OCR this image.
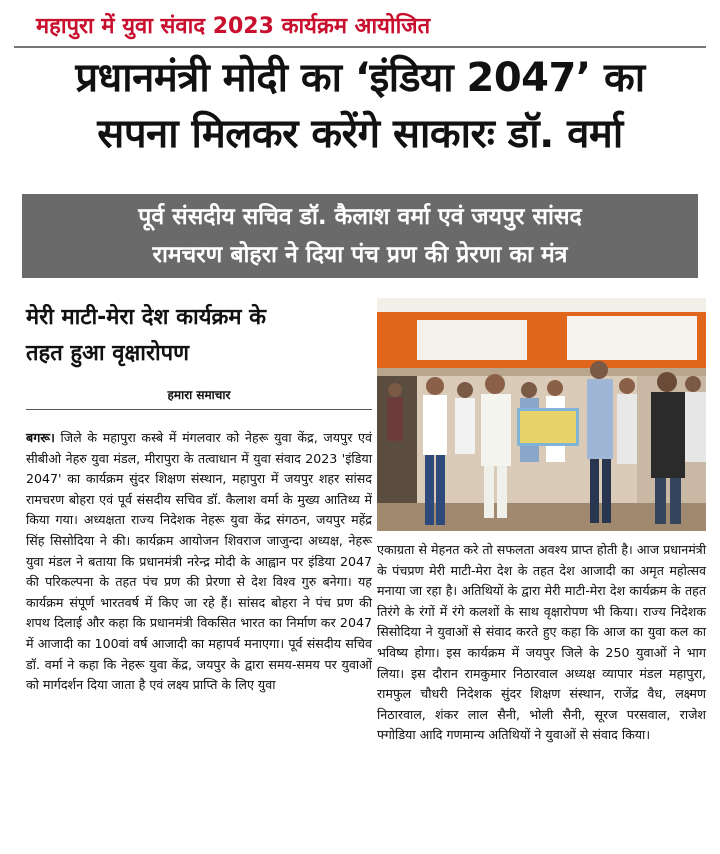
महापुरा में युवा संवाद 2023 कार्यक्रम आयोजित
प्रधानमंत्री मोदी का ‘इंडिया 2047’ का
सपना मिलकर करेंगे साकारः डॉ. वर्मा
पूर्व संसदीय सचिव डॉ. कैलाश वर्मा एवं जयपुर सांसद
रामचरण बोहरा ने दिया पंच प्रण की प्रेरणा का मंत्र
मेरी माटी-मेरा देश कार्यक्रम के
तहत हुआ वृक्षारोपण
हमारा समाचार
बगरू। जिले के महापुरा कस्बे में मंगलवार को नेहरू युवा केंद्र, जयपुर एवं सीबीओ नेहरु युवा मंडल, मीरापुरा के तत्वाधान में युवा संवाद 2023 'इंडिया 2047' का कार्यक्रम सुंदर शिक्षण संस्थान, महापुरा में जयपुर शहर सांसद रामचरण बोहरा एवं पूर्व संसदीय सचिव डॉ. कैलाश वर्मा के मुख्य आतिथ्य में किया गया। अध्यक्षता राज्य निदेशक नेहरू युवा केंद्र संगठन, जयपुर महेंद्र सिंह सिसोदिया ने की। कार्यक्रम आयोजन शिवराज जाजुन्दा अध्यक्ष, नेहरू युवा मंडल ने बताया कि प्रधानमंत्री नरेन्द्र मोदी के आह्वान पर इंडिया 2047 की परिकल्पना के तहत पंच प्रण की प्रेरणा से देश विश्व गुरु बनेगा। यह कार्यक्रम संपूर्ण भारतवर्ष में किए जा रहे हैं। सांसद बोहरा ने पंच प्रण की शपथ दिलाई और कहा कि प्रधानमंत्री विकसित भारत का निर्माण कर 2047 में आजादी का 100वां वर्ष आजादी का महापर्व मनाएगा। पूर्व संसदीय सचिव डॉ. वर्मा ने कहा कि नेहरू युवा केंद्र, जयपुर के द्वारा समय-समय पर युवाओं को मार्गदर्शन दिया जाता है एवं लक्ष्य प्राप्ति के लिए युवा
एकाग्रता से मेहनत करे तो सफलता अवश्य प्राप्त होती है। आज प्रधानमंत्री के पंचप्रण मेरी माटी-मेरा देश के तहत देश आजादी का अमृत महोत्सव मनाया जा रहा है। अतिथियों के द्वारा मेरी माटी-मेरा देश कार्यक्रम के तहत तिरंगे के रंगों में रंगे कलशों के साथ वृक्षारोपण भी किया। राज्य निदेशक सिसोदिया ने युवाओं से संवाद करते हुए कहा कि आज का युवा कल का भविष्य होगा। इस कार्यक्रम में जयपुर जिले के 250 युवाओं ने भाग लिया। इस दौरान रामकुमार निठारवाल अध्यक्ष व्यापार मंडल महापुरा, रामफुल चौधरी निदेशक सुंदर शिक्षण संस्थान, राजेंद्र वैध, लक्ष्मण निठारवाल, शंकर लाल सैनी, भोली सैनी, सूरज परसवाल, राजेश फ्गोडिया आदि गणमान्य अतिथियों ने युवाओं से संवाद किया।
